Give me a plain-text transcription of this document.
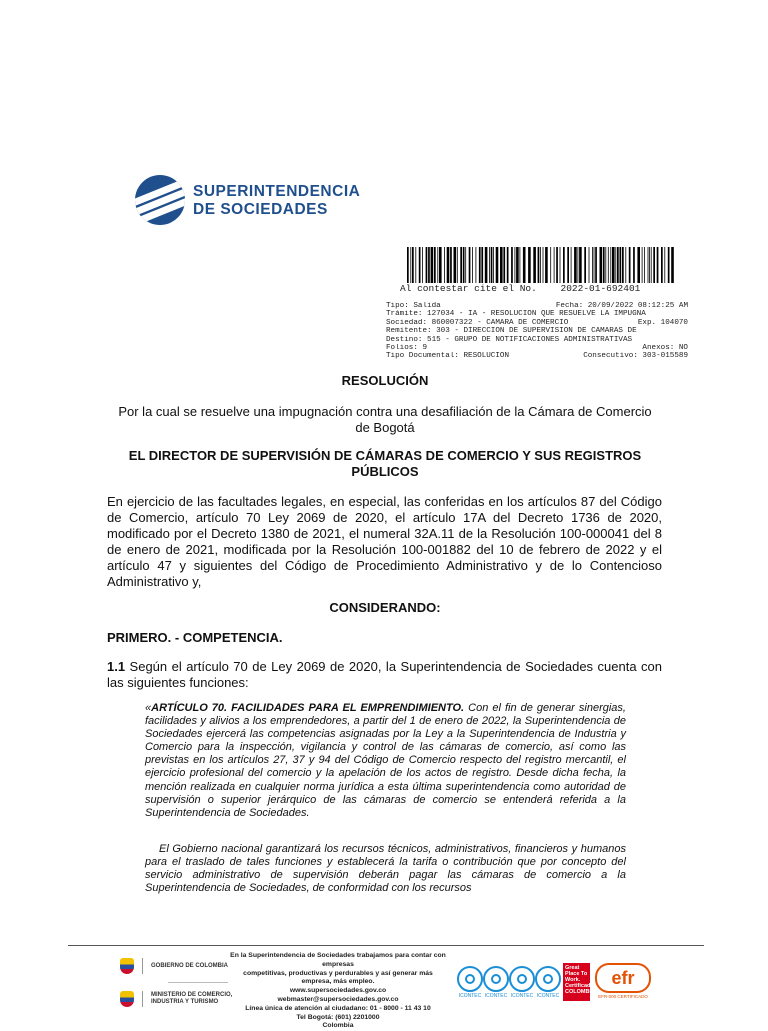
SUPERINTENDENCIA
DE SOCIEDADES
Al contestar cite el No. 2022-01-692401
Tipo: Salida	Fecha: 20/09/2022 08:12:25 AM
Trámite: 127034 - IA - RESOLUCIÓN QUE RESUELVE LA IMPUGNA
Sociedad: 860007322 - CAMARA DE COMERCIO	Exp. 104070
Remitente: 303 - DIRECCIÓN DE SUPERVISIÓN DE CÁMARAS DE
Destino: 515 - GRUPO DE NOTIFICACIONES ADMINISTRATIVAS
Folios: 9	Anexos: NO
Tipo Documental: RESOLUCION	Consecutivo: 303-015589
RESOLUCIÓN
Por la cual se resuelve una impugnación contra una desafiliación de la Cámara de Comercio de Bogotá
EL DIRECTOR DE SUPERVISIÓN DE CÁMARAS DE COMERCIO Y SUS REGISTROS PÚBLICOS
En ejercicio de las facultades legales, en especial, las conferidas en los artículos 87 del Código de Comercio, artículo 70 Ley 2069 de 2020, el artículo 17A del Decreto 1736 de 2020, modificado por el Decreto 1380 de 2021, el numeral 32A.11 de la Resolución 100-000041 del 8 de enero de 2021, modificada por la Resolución 100-001882 del 10 de febrero de 2022 y el artículo 47 y siguientes del Código de Procedimiento Administrativo y de lo Contencioso Administrativo y,
CONSIDERANDO:
PRIMERO. - COMPETENCIA.
1.1 Según el artículo 70 de Ley 2069 de 2020, la Superintendencia de Sociedades cuenta con las siguientes funciones:
«ARTÍCULO 70. FACILIDADES PARA EL EMPRENDIMIENTO. Con el fin de generar sinergias, facilidades y alivios a los emprendedores, a partir del 1 de enero de 2022, la Superintendencia de Sociedades ejercerá las competencias asignadas por la Ley a la Superintendencia de Industria y Comercio para la inspección, vigilancia y control de las cámaras de comercio, así como las previstas en los artículos 27, 37 y 94 del Código de Comercio respecto del registro mercantil, el ejercicio profesional del comercio y la apelación de los actos de registro. Desde dicha fecha, la mención realizada en cualquier norma jurídica a esta última superintendencia como autoridad de supervisión o superior jerárquico de las cámaras de comercio se entenderá referida a la Superintendencia de Sociedades.
El Gobierno nacional garantizará los recursos técnicos, administrativos, financieros y humanos para el traslado de tales funciones y establecerá la tarifa o contribución que por concepto del servicio administrativo de supervisión deberán pagar las cámaras de comercio a la Superintendencia de Sociedades, de conformidad con los recursos
GOBIERNO DE COLOMBIA
MINISTERIO DE COMERCIO,
INDUSTRIA Y TURISMO
En la Superintendencia de Sociedades trabajamos para contar con empresas
competitivas, productivas y perdurables y así generar más empresa, más empleo.
www.supersociedades.gov.co
webmaster@supersociedades.gov.co
Línea única de atención al ciudadano: 01 - 8000 - 11 43 10
Tel Bogotá: (601) 2201000
Colombia
ICONTEC ICONTEC ICONTEC ICONTEC
Great Place To Work. Certificada COLOMBIA
efr
EFR-000 CERTIFICADO
